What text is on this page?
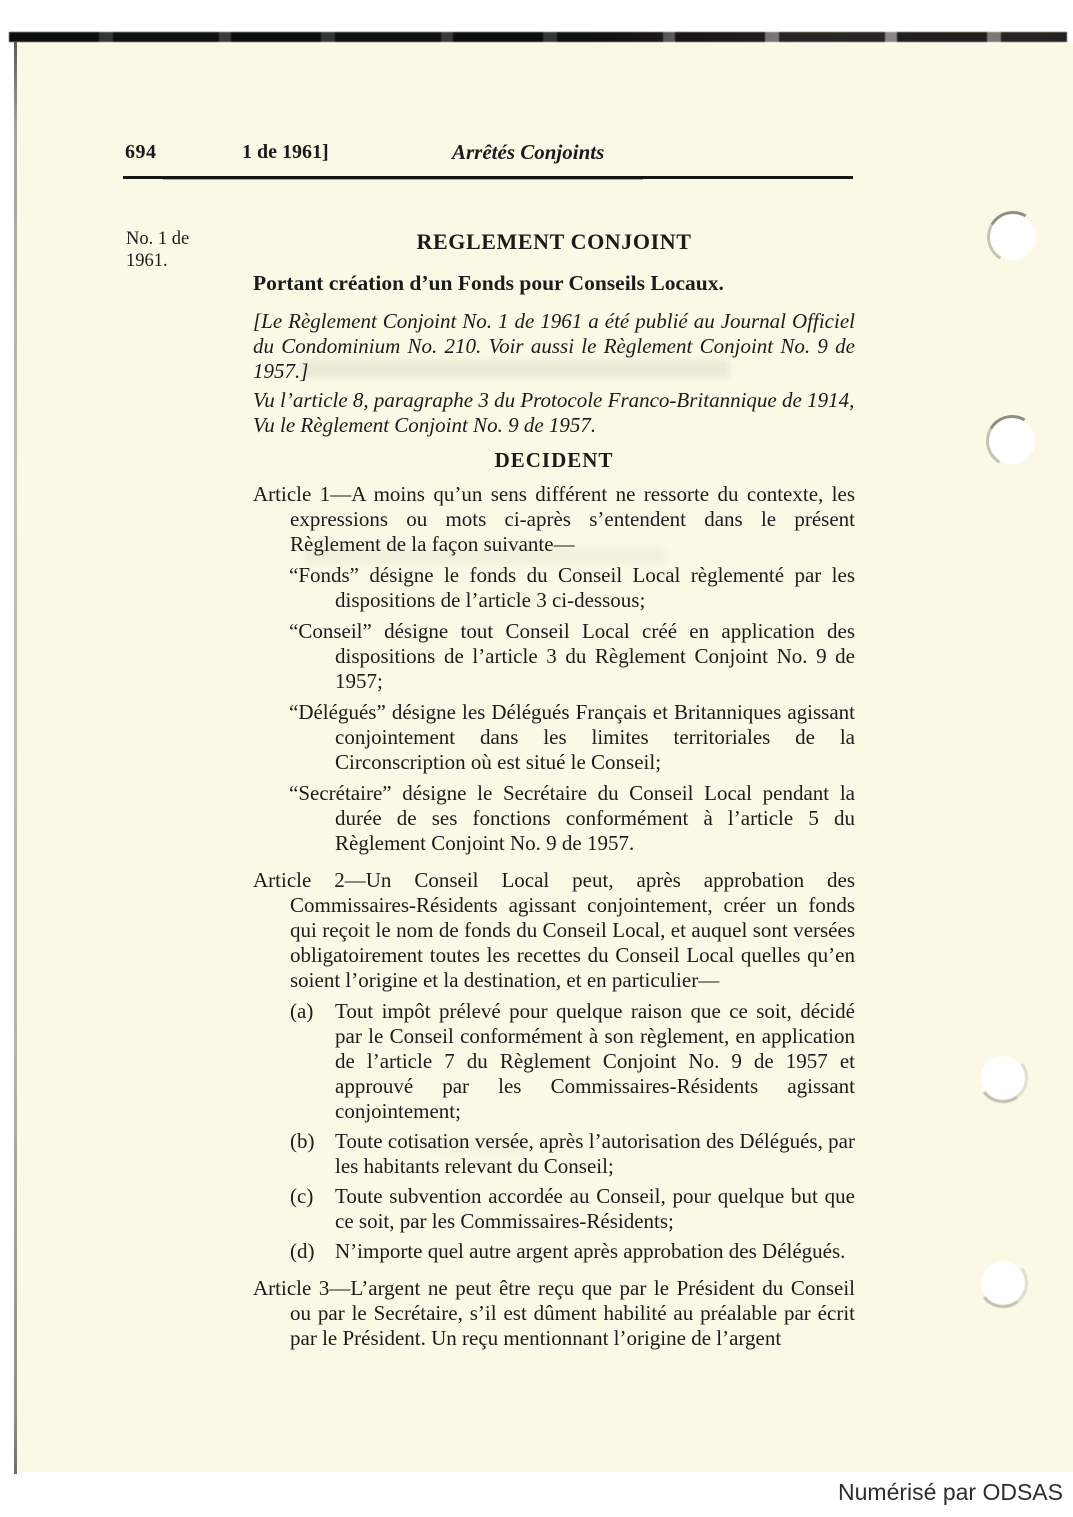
694	1 de 1961]	Arrêtés Conjoints
No. 1 de
1961.
REGLEMENT CONJOINT
Portant création d’un Fonds pour Conseils Locaux.

[Le Règlement Conjoint No. 1 de 1961 a été publié au Journal Officiel du Condominium No. 210. Voir aussi le Règlement Conjoint No. 9 de 1957.]

Vu l’article 8, paragraphe 3 du Protocole Franco-Britannique de 1914,
Vu le Règlement Conjoint No. 9 de 1957.

DECIDENT

Article 1—A moins qu’un sens différent ne ressorte du contexte, les expressions ou mots ci-après s’entendent dans le présent Règlement de la façon suivante—

“Fonds” désigne le fonds du Conseil Local règlementé par les dispositions de l’article 3 ci-dessous;

“Conseil” désigne tout Conseil Local créé en application des dispositions de l’article 3 du Règlement Conjoint No. 9 de 1957;

“Délégués” désigne les Délégués Français et Britanniques agissant conjointement dans les limites territoriales de la Circonscription où est situé le Conseil;

“Secrétaire” désigne le Secrétaire du Conseil Local pendant la durée de ses fonctions conformément à l’article 5 du Règlement Conjoint No. 9 de 1957.

Article 2—Un Conseil Local peut, après approbation des Commissaires-Résidents agissant conjointement, créer un fonds qui reçoit le nom de fonds du Conseil Local, et auquel sont versées obligatoirement toutes les recettes du Conseil Local quelles qu’en soient l’origine et la destination, et en particulier—

(a)	Tout impôt prélevé pour quelque raison que ce soit, décidé par le Conseil conformément à son règlement, en application de l’article 7 du Règlement Conjoint No. 9 de 1957 et approuvé par les Commissaires-Résidents agissant conjointement;
(b) Toute cotisation versée, après l’autorisation des Délégués, par les habitants relevant du Conseil;
(c)	Toute subvention accordée au Conseil, pour quelque but que ce soit, par les Commissaires-Résidents;
(d) N’importe quel autre argent après approbation des Délégués.

Article 3—L’argent ne peut être reçu que par le Président du Conseil ou par le Secrétaire, s’il est dûment habilité au préalable par écrit par le Président. Un reçu mentionnant l’origine de l’argent

Numérisé par ODSAS
